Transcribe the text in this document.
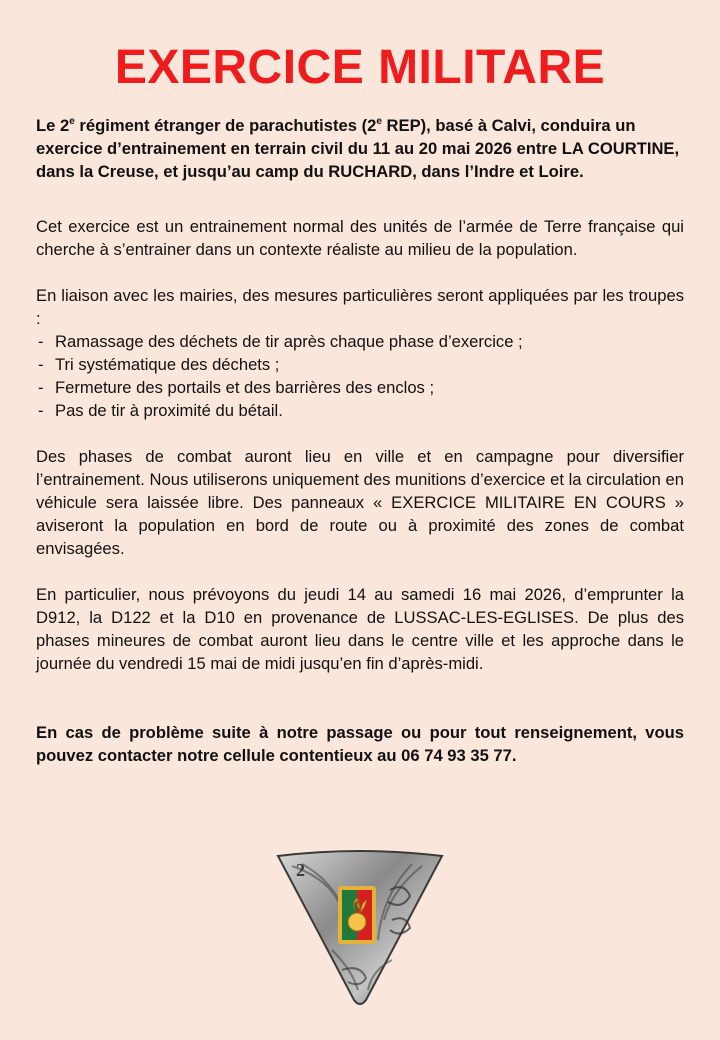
EXERCICE MILITARE

Le 2e régiment étranger de parachutistes (2e REP), basé à Calvi, conduira un exercice d’entrainement en terrain civil du 11 au 20 mai 2026 entre LA COURTINE, dans la Creuse, et jusqu’au camp du RUCHARD, dans l’Indre et Loire.

Cet exercice est un entrainement normal des unités de l’armée de Terre française qui cherche à s’entrainer dans un contexte réaliste au milieu de la population.

En liaison avec les mairies, des mesures particulières seront appliquées par les troupes :

- Ramassage des déchets de tir après chaque phase d’exercice ;
- Tri systématique des déchets ;
- Fermeture des portails et des barrières des enclos ;
- Pas de tir à proximité du bétail.

Des phases de combat auront lieu en ville et en campagne pour diversifier l’entrainement. Nous utiliserons uniquement des munitions d’exercice et la circulation en véhicule sera laissée libre. Des panneaux « EXERCICE MILITAIRE EN COURS » aviseront la population en bord de route ou à proximité des zones de combat envisagées.

En particulier, nous prévoyons du jeudi 14 au samedi 16 mai 2026, d’emprunter la D912, la D122 et la D10 en provenance de LUSSAC-LES-EGLISES. De plus des phases mineures de combat auront lieu dans le centre ville et les approche dans le journée du vendredi 15 mai de midi jusqu’en fin d’après-midi.

En cas de problème suite à notre passage ou pour tout renseignement, vous pouvez contacter notre cellule contentieux au 06 74 93 35 77.

2
